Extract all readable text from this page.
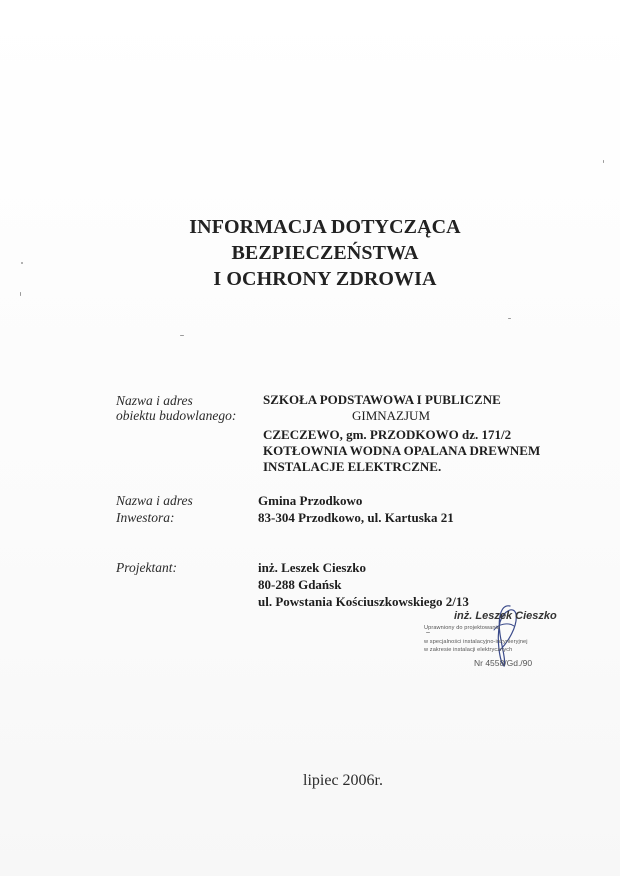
INFORMACJA DOTYCZĄCA
BEZPIECZEŃSTWA
I OCHRONY ZDROWIA
Nazwa i adres
obiektu budowlanego:
SZKOŁA PODSTAWOWA I PUBLICZNE
GIMNAZJUM
CZECZEWO, gm. PRZODKOWO dz. 171/2
KOTŁOWNIA WODNA OPALANA DREWNEM
INSTALACJE ELEKTRCZNE.
Nazwa i adres
Inwestora:
Gmina Przodkowo
83-304 Przodkowo, ul. Kartuska 21
Projektant:	inż. Leszek Cieszko
80-288 Gdańsk
ul. Powstania Kościuszkowskiego 2/13
inż. Leszek Cieszko
Uprawniony do projektowania
w specjalności instalacyjno-inżynieryjnej
w zakresie instalacji elektrycznych
Nr 4558/Gd./90
lipiec 2006r.
